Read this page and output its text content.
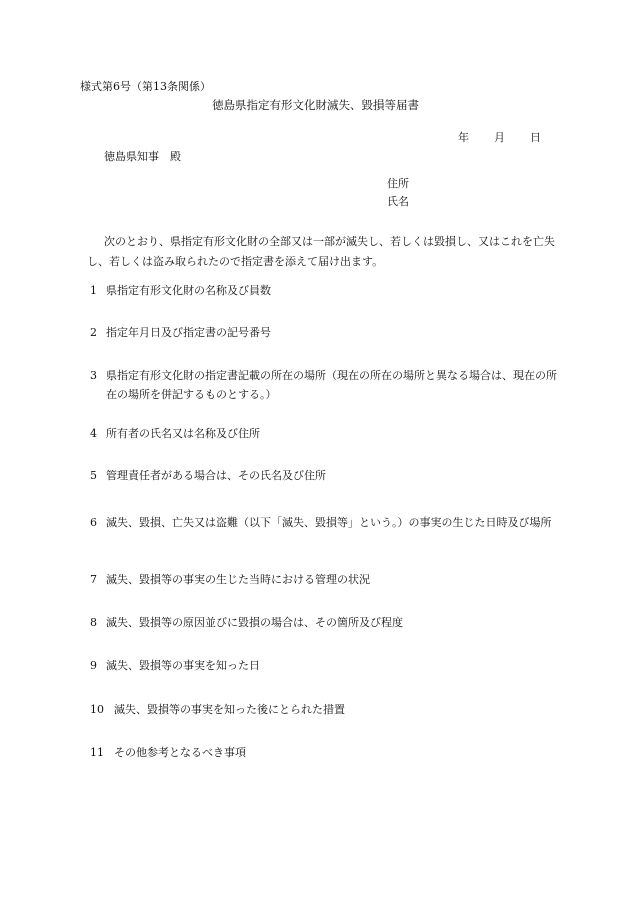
様式第6号（第13条関係）
徳島県指定有形文化財滅失、毀損等届書
年 月 日
徳島県知事　殿
住所
氏名
次のとおり、県指定有形文化財の全部又は一部が滅失し、若しくは毀損し、又はこれを亡失し、若しくは盗み取られたので指定書を添えて届け出ます。
1 県指定有形文化財の名称及び員数
2 指定年月日及び指定書の記号番号
3 県指定有形文化財の指定書記載の所在の場所（現在の所在の場所と異なる場合は、現在の所在の場所を併記するものとする。）
4 所有者の氏名又は名称及び住所
5 管理責任者がある場合は、その氏名及び住所
6 滅失、毀損、亡失又は盗難（以下「滅失、毀損等」という。）の事実の生じた日時及び場所
7 滅失、毀損等の事実の生じた当時における管理の状況
8 滅失、毀損等の原因並びに毀損の場合は、その箇所及び程度
9 滅失、毀損等の事実を知った日
10 滅失、毀損等の事実を知った後にとられた措置
11 その他参考となるべき事項
